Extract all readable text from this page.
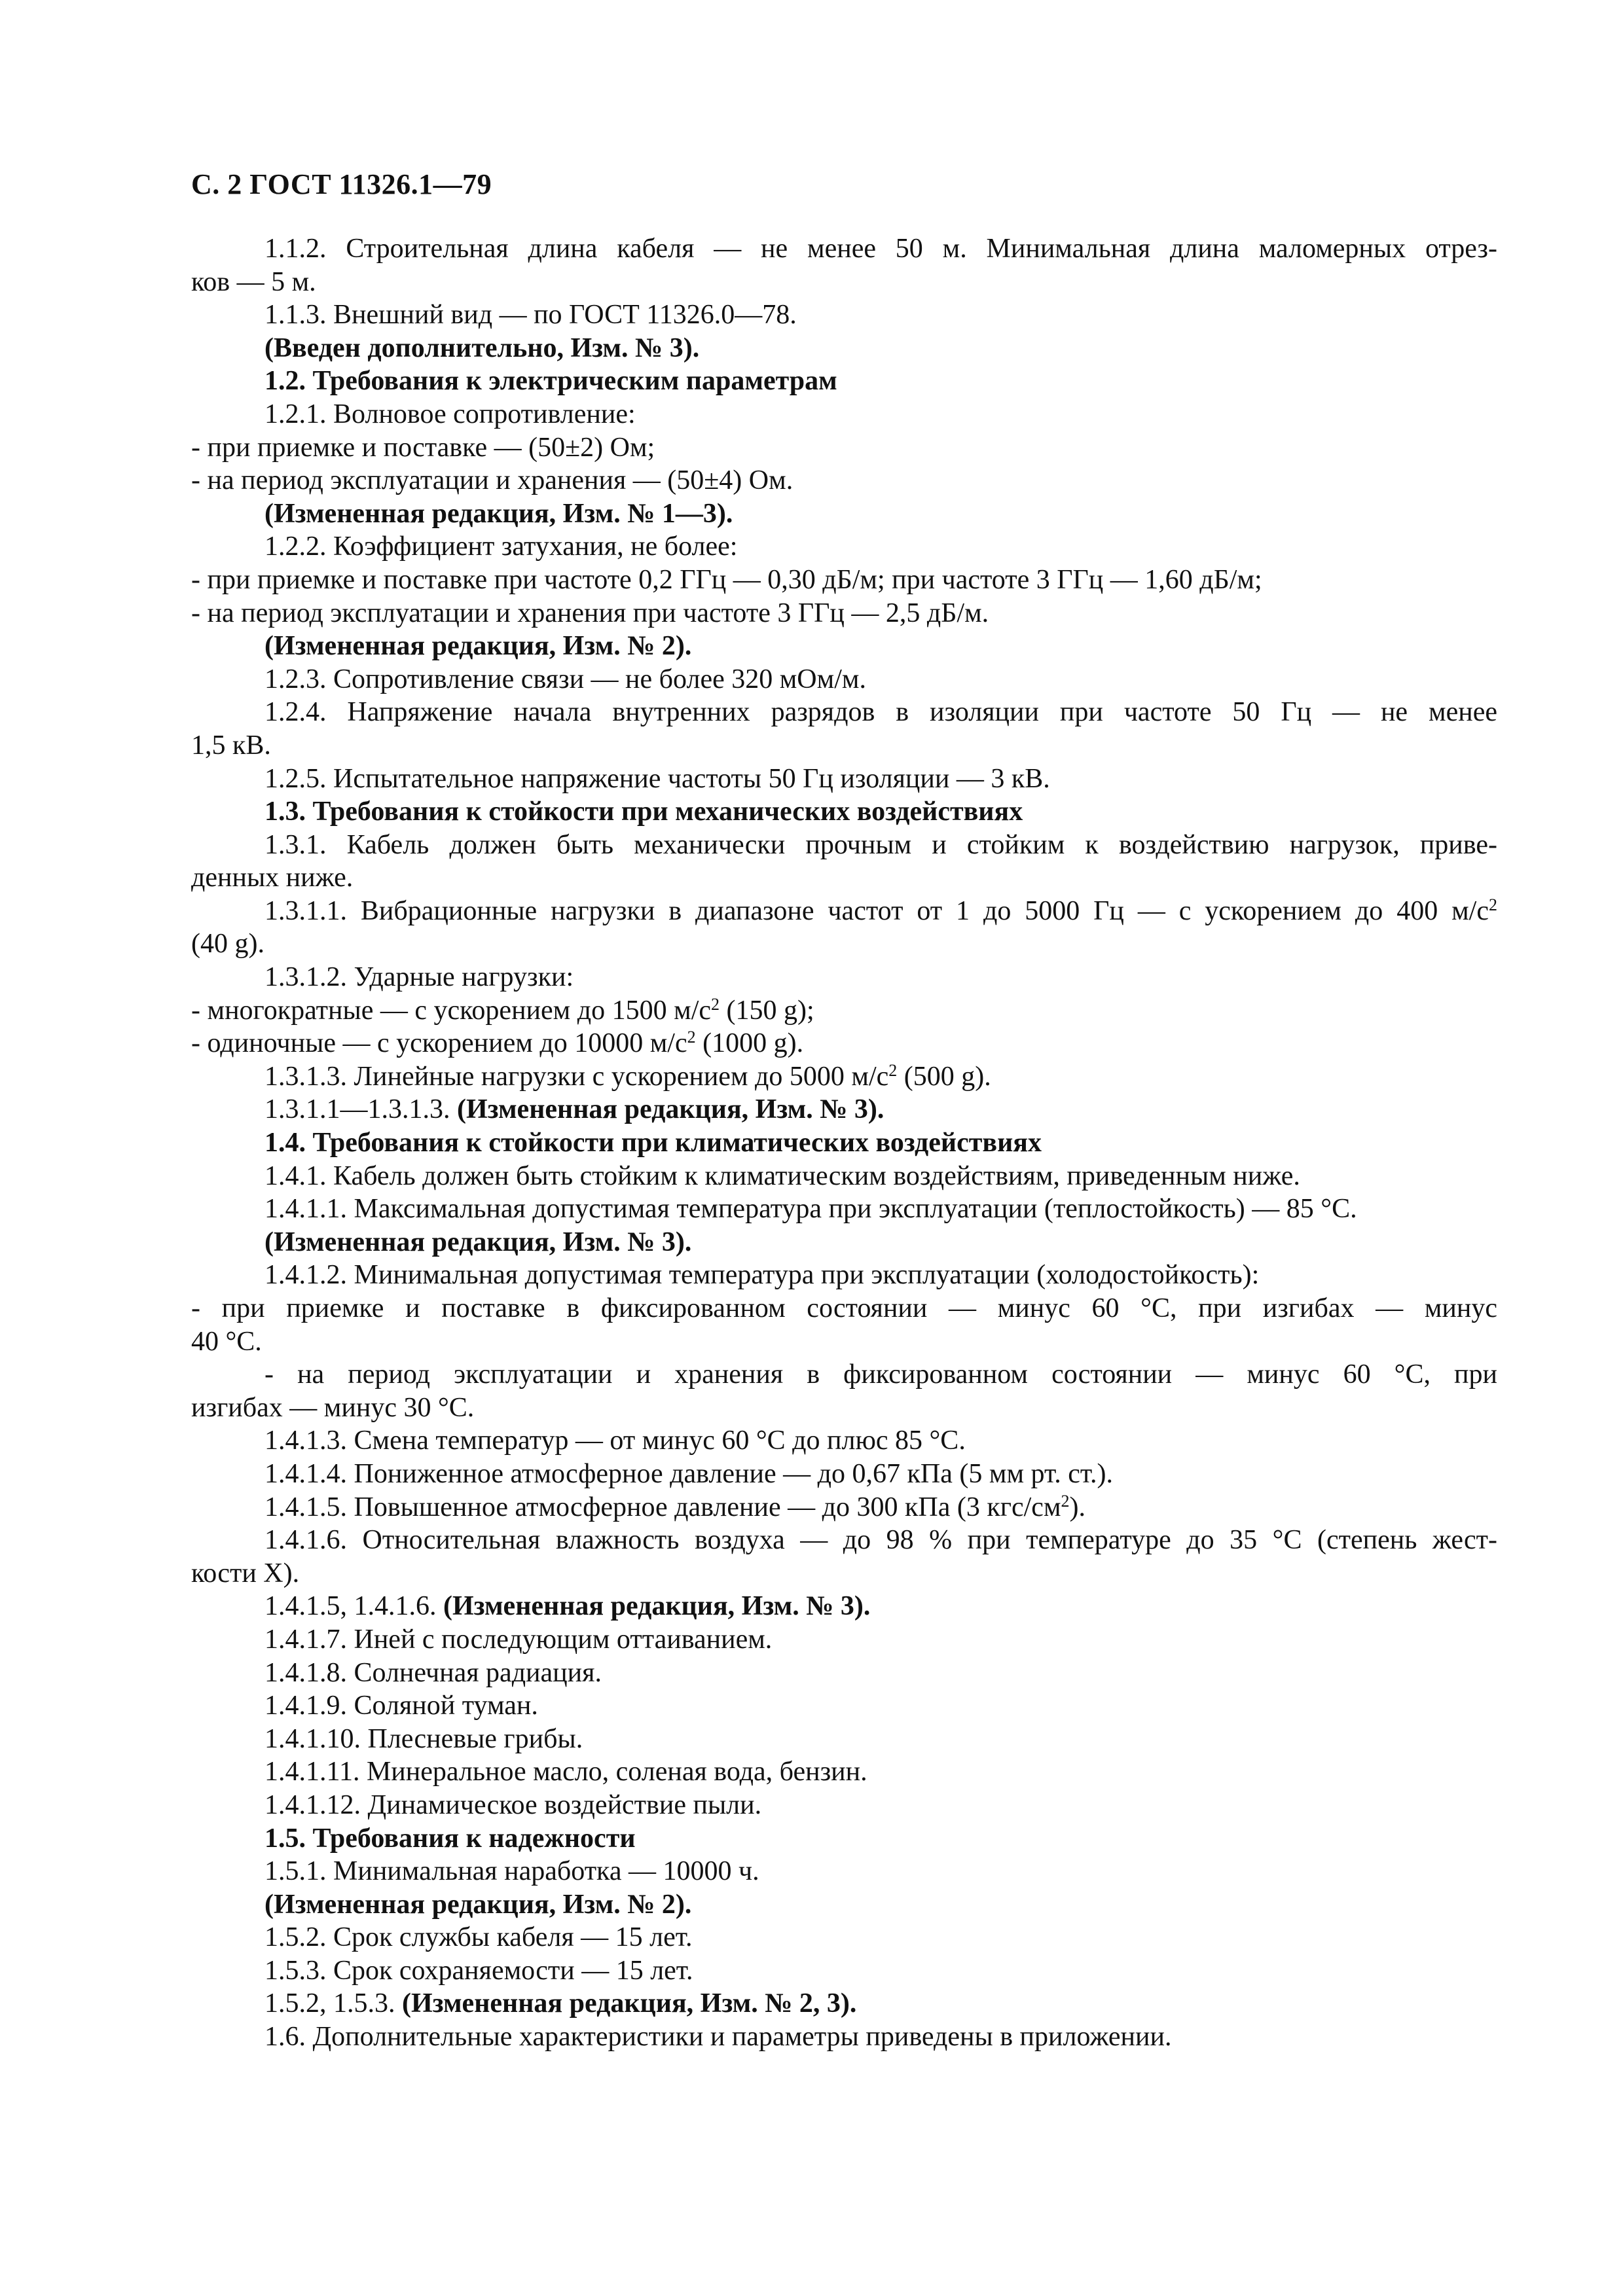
С. 2 ГОСТ 11326.1—79

1.1.2. Строительная длина кабеля — не менее 50 м. Минимальная длина маломерных отрез-

ков — 5 м.

1.1.3. Внешний вид — по ГОСТ 11326.0—78.

(Введен дополнительно, Изм. № 3).

1.2. Требования к электрическим параметрам

1.2.1. Волновое сопротивление:

- при приемке и поставке — (50±2) Ом;

- на период эксплуатации и хранения — (50±4) Ом.

(Измененная редакция, Изм. № 1—3).

1.2.2. Коэффициент затухания, не более:

- при приемке и поставке при частоте 0,2 ГГц — 0,30 дБ/м; при частоте 3 ГГц — 1,60 дБ/м;

- на период эксплуатации и хранения при частоте 3 ГГц — 2,5 дБ/м.

(Измененная редакция, Изм. № 2).

1.2.3. Сопротивление связи — не более 320 мОм/м.

1.2.4. Напряжение начала внутренних разрядов в изоляции при частоте 50 Гц — не менее

1,5 кВ.

1.2.5. Испытательное напряжение частоты 50 Гц изоляции — 3 кВ.

1.3. Требования к стойкости при механических воздействиях

1.3.1. Кабель должен быть механически прочным и стойким к воздействию нагрузок, приве-

денных ниже.

1.3.1.1. Вибрационные нагрузки в диапазоне частот от 1 до 5000 Гц — с ускорением до 400 $м/с^2$

(40 g).

1.3.1.2. Ударные нагрузки:

- многократные — с ускорением до 1500 $м/с^2$ (150 g);

- одиночные — с ускорением до 10000 $м/с^2$ (1000 g).

1.3.1.3. Линейные нагрузки с ускорением до 5000 $м/с^2$ (500 g).

1.3.1.1—1.3.1.3. (Измененная редакция, Изм. № 3).

1.4. Требования к стойкости при климатических воздействиях

1.4.1. Кабель должен быть стойким к климатическим воздействиям, приведенным ниже.

1.4.1.1. Максимальная допустимая температура при эксплуатации (теплостойкость) — 85 °С.

(Измененная редакция, Изм. № 3).

1.4.1.2. Минимальная допустимая температура при эксплуатации (холодостойкость):

- при приемке и поставке в фиксированном состоянии — минус 60 °С, при изгибах — минус

40 °С.

- на период эксплуатации и хранения в фиксированном состоянии — минус 60 °С, при

изгибах — минус 30 °С.

1.4.1.3. Смена температур — от минус 60 °С до плюс 85 °С.

1.4.1.4. Пониженное атмосферное давление — до 0,67 кПа (5 мм рт. ст.).

1.4.1.5. Повышенное атмосферное давление — до 300 кПа (3 кгс/$см^2$).

1.4.1.6. Относительная влажность воздуха — до 98 % при температуре до 35 °С (степень жест-

кости X).

1.4.1.5, 1.4.1.6. (Измененная редакция, Изм. № 3).

1.4.1.7. Иней с последующим оттаиванием.

1.4.1.8. Солнечная радиация.

1.4.1.9. Соляной туман.

1.4.1.10. Плесневые грибы.

1.4.1.11. Минеральное масло, соленая вода, бензин.

1.4.1.12. Динамическое воздействие пыли.

1.5. Требования к надежности

1.5.1. Минимальная наработка — 10000 ч.

(Измененная редакция, Изм. № 2).

1.5.2. Срок службы кабеля — 15 лет.

1.5.3. Срок сохраняемости — 15 лет.

1.5.2, 1.5.3. (Измененная редакция, Изм. № 2, 3).

1.6. Дополнительные характеристики и параметры приведены в приложении.
